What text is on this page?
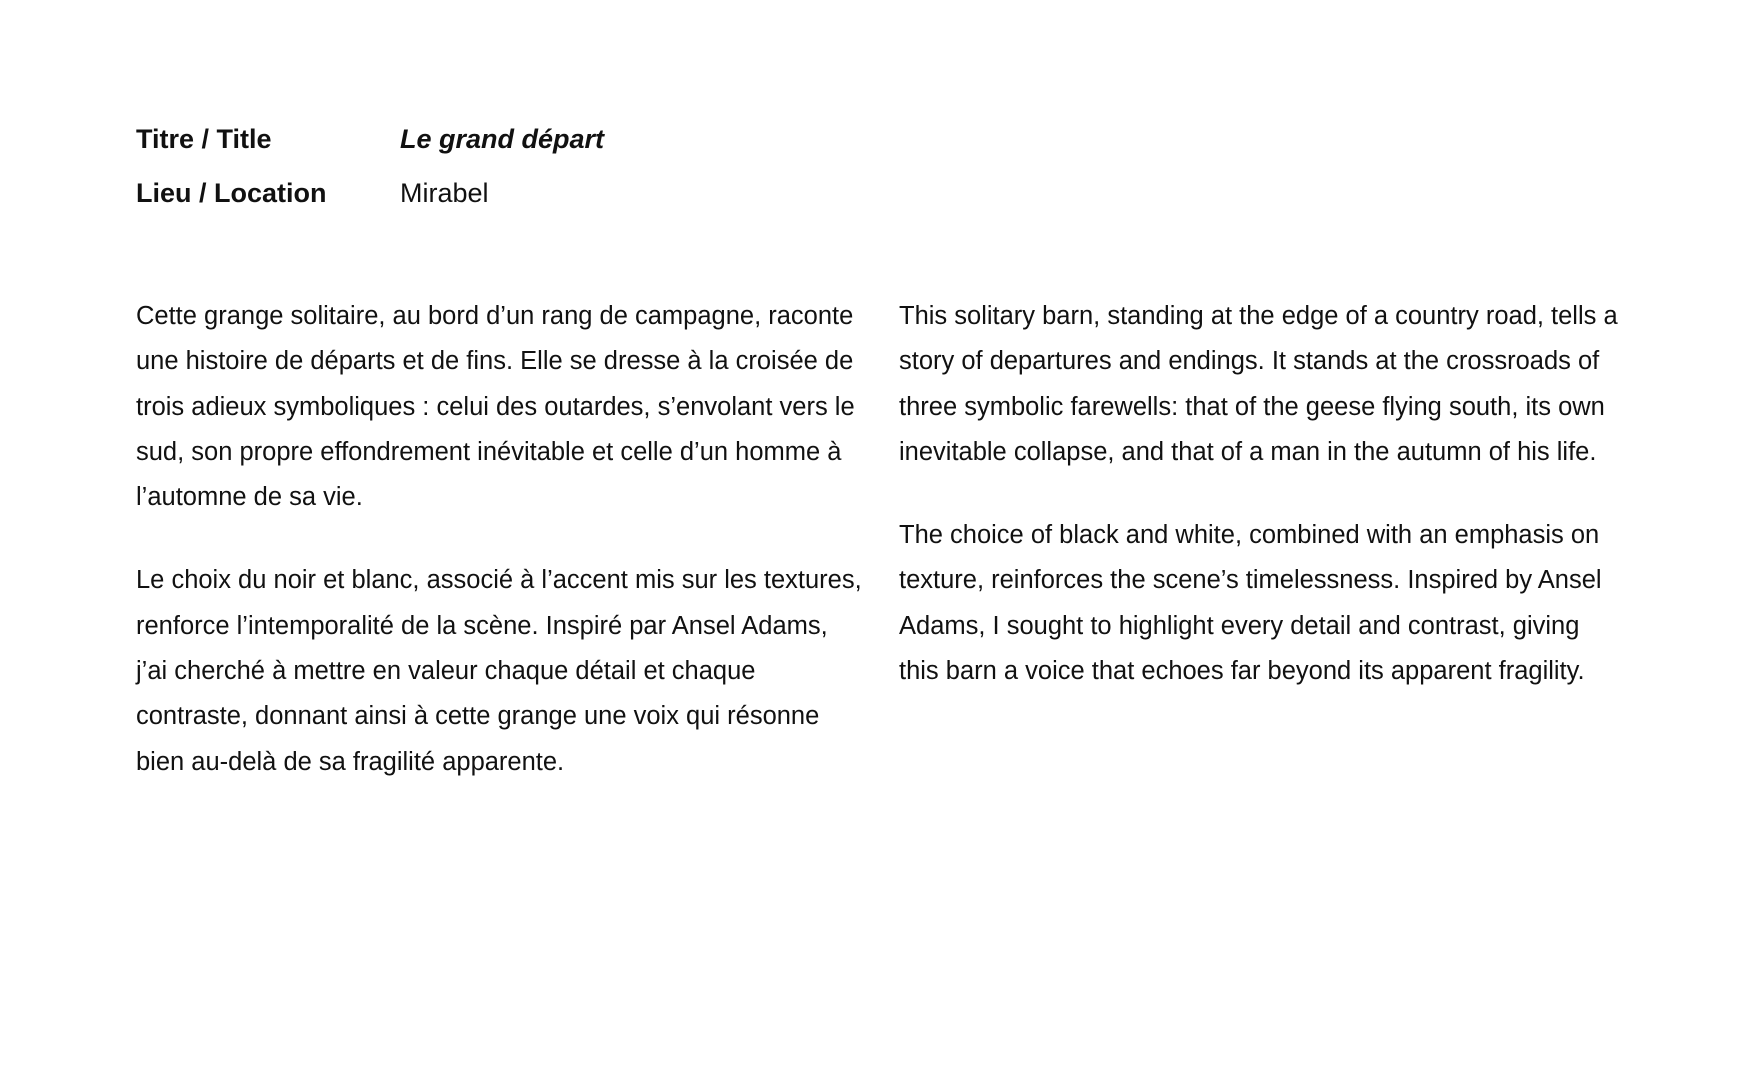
Titre / Title	Le grand départ
Lieu / Location	Mirabel

Cette grange solitaire, au bord d’un rang de campagne, raconte une histoire de départs et de fins. Elle se dresse à la croisée de trois adieux symboliques : celui des outardes, s’envolant vers le sud, son propre effondrement inévitable et celle d’un homme à l’automne de sa vie.

Le choix du noir et blanc, associé à l’accent mis sur les textures, renforce l’intemporalité de la scène. Inspiré par Ansel Adams, j’ai cherché à mettre en valeur chaque détail et chaque contraste, donnant ainsi à cette grange une voix qui résonne bien au-delà de sa fragilité apparente.

This solitary barn, standing at the edge of a country road, tells a story of departures and endings. It stands at the crossroads of three symbolic farewells: that of the geese flying south, its own inevitable collapse, and that of a man in the autumn of his life.

The choice of black and white, combined with an emphasis on texture, reinforces the scene’s timelessness. Inspired by Ansel Adams, I sought to highlight every detail and contrast, giving this barn a voice that echoes far beyond its apparent fragility.
